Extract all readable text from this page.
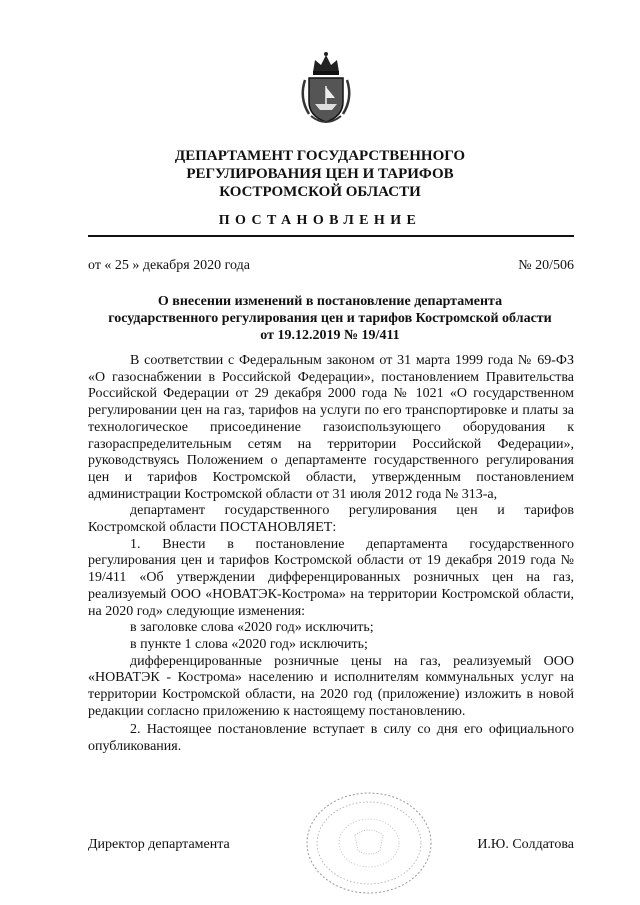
ДЕПАРТАМЕНТ ГОСУДАРСТВЕННОГО
РЕГУЛИРОВАНИЯ ЦЕН И ТАРИФОВ
КОСТРОМСКОЙ ОБЛАСТИ
ПОСТАНОВЛЕНИЕ
от « 25 » декабря 2020 года	№ 20/506
О внесении изменений в постановление департамента
государственного регулирования цен и тарифов Костромской области
от 19.12.2019 № 19/411

В соответствии с Федеральным законом от 31 марта 1999 года № 69-ФЗ «О газоснабжении в Российской Федерации», постановлением Правительства Российской Федерации от 29 декабря 2000 года № 1021 «О государственном регулировании цен на газ, тарифов на услуги по его транспортировке и платы за технологическое присоединение газоиспользующего оборудования к газораспределительным сетям на территории Российской Федерации», руководствуясь Положением о департаменте государственного регулирования цен и тарифов Костромской области, утвержденным постановлением администрации Костромской области от 31 июля 2012 года № 313-а,

департамент государственного регулирования цен и тарифов Костромской области ПОСТАНОВЛЯЕТ:

1. Внести в постановление департамента государственного регулирования цен и тарифов Костромской области от 19 декабря 2019 года № 19/411 «Об утверждении дифференцированных розничных цен на газ, реализуемый ООО «НОВАТЭК-Кострома» на территории Костромской области, на 2020 год» следующие изменения:

в заголовке слова «2020 год» исключить;

в пункте 1 слова «2020 год» исключить;

дифференцированные розничные цены на газ, реализуемый ООО «НОВАТЭК - Кострома» населению и исполнителям коммунальных услуг на территории Костромской области, на 2020 год (приложение) изложить в новой редакции согласно приложению к настоящему постановлению.

2. Настоящее постановление вступает в силу со дня его официального опубликования.

Директор департамента	И.Ю. Солдатова
